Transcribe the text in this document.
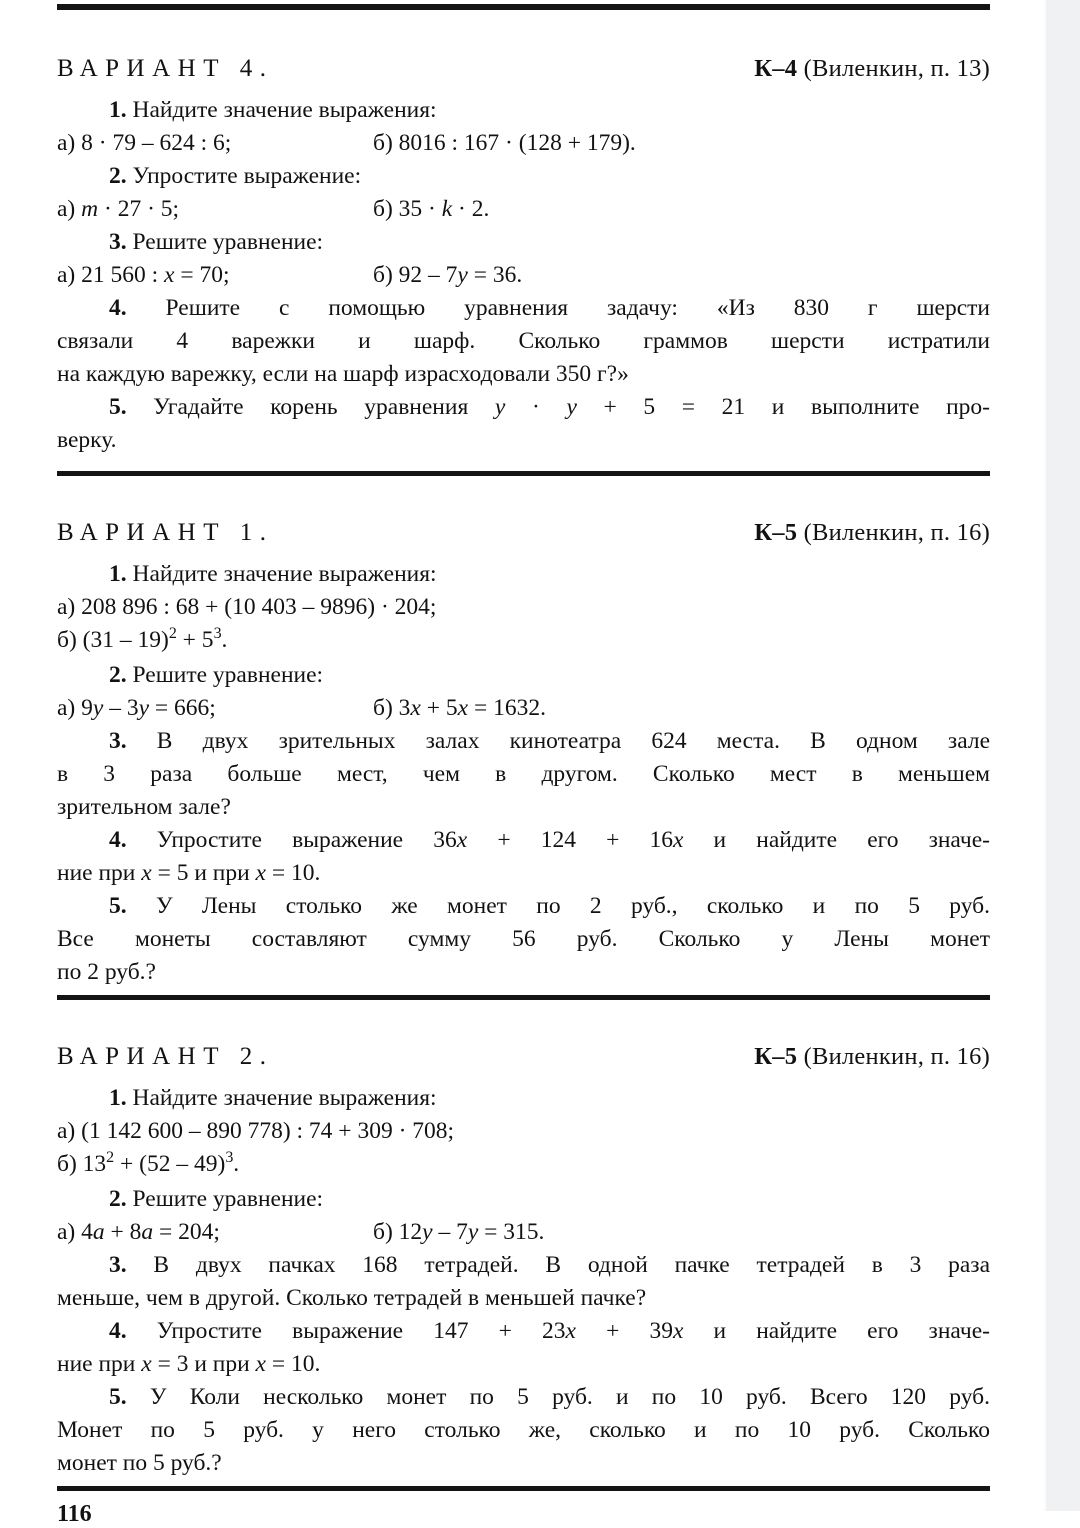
ВАРИАНТ 4.	К–4 (Виленкин, п. 13)
1. Найдите значение выражения:
а) 8 · 79 – 624 : 6;	б) 8016 : 167 · (128 + 179).
2. Упростите выражение:
а) m · 27 · 5;	б) 35 · k · 2.
3. Решите уравнение:
а) 21 560 : x = 70;	б) 92 – 7y = 36.
4. Решите с помощью уравнения задачу: «Из 830 г шерсти
связали 4 варежки и шарф. Сколько граммов шерсти истратили
на каждую варежку, если на шарф израсходовали 350 г?»
5. Угадайте корень уравнения y · y + 5 = 21 и выполните про-
верку.
ВАРИАНТ 1.	К–5 (Виленкин, п. 16)
1. Найдите значение выражения:
а) 208 896 : 68 + (10 403 – 9896) · 204;
б) $(31 - 19)^2 + 5^3$.
2. Решите уравнение:
а) 9y – 3y = 666;	б) 3x + 5x = 1632.
3. В двух зрительных залах кинотеатра 624 места. В одном зале
в 3 раза больше мест, чем в другом. Сколько мест в меньшем
зрительном зале?
4. Упростите выражение 36x + 124 + 16x и найдите его значе-
ние при x = 5 и при x = 10.
5. У Лены столько же монет по 2 руб., сколько и по 5 руб.
Все монеты составляют сумму 56 руб. Сколько у Лены монет
по 2 руб.?
ВАРИАНТ 2.	К–5 (Виленкин, п. 16)
1. Найдите значение выражения:
а) (1 142 600 – 890 778) : 74 + 309 · 708;
б) $13^2 + (52 - 49)^3$.
2. Решите уравнение:
а) 4a + 8a = 204;	б) 12y – 7y = 315.
3. В двух пачках 168 тетрадей. В одной пачке тетрадей в 3 раза
меньше, чем в другой. Сколько тетрадей в меньшей пачке?
4. Упростите выражение 147 + 23x + 39x и найдите его значе-
ние при x = 3 и при x = 10.
5. У Коли несколько монет по 5 руб. и по 10 руб. Всего 120 руб.
Монет по 5 руб. у него столько же, сколько и по 10 руб. Сколько
монет по 5 руб.?
116
